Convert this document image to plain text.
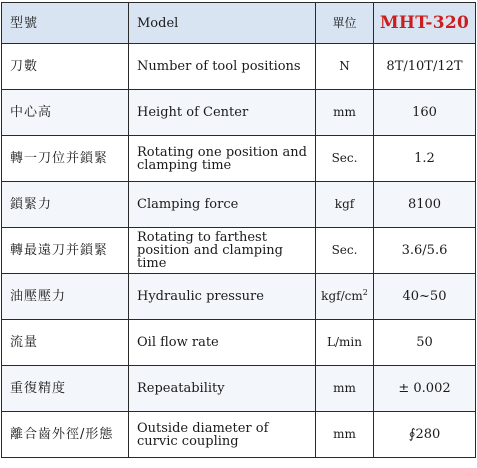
型號	Model	單位	MHT-320
刀數	Number of tool positions	N	8T/10T/12T
中心高	Height of Center	mm	160
轉一刀位并鎖緊	Rotating one position and clamping time	Sec.	1.2
鎖緊力	Clamping force	kgf	8100
轉最遠刀并鎖緊	Rotating to farthest position and clamping time	Sec.	3.6/5.6
油壓壓力	Hydraulic pressure	kgf/$cm^2$	40~50
流量	Oil flow rate	L/min	50
重復精度	Repeatability	mm	± 0.002
離合齒外徑/形態	Outside diameter of curvic coupling	mm	∮280
